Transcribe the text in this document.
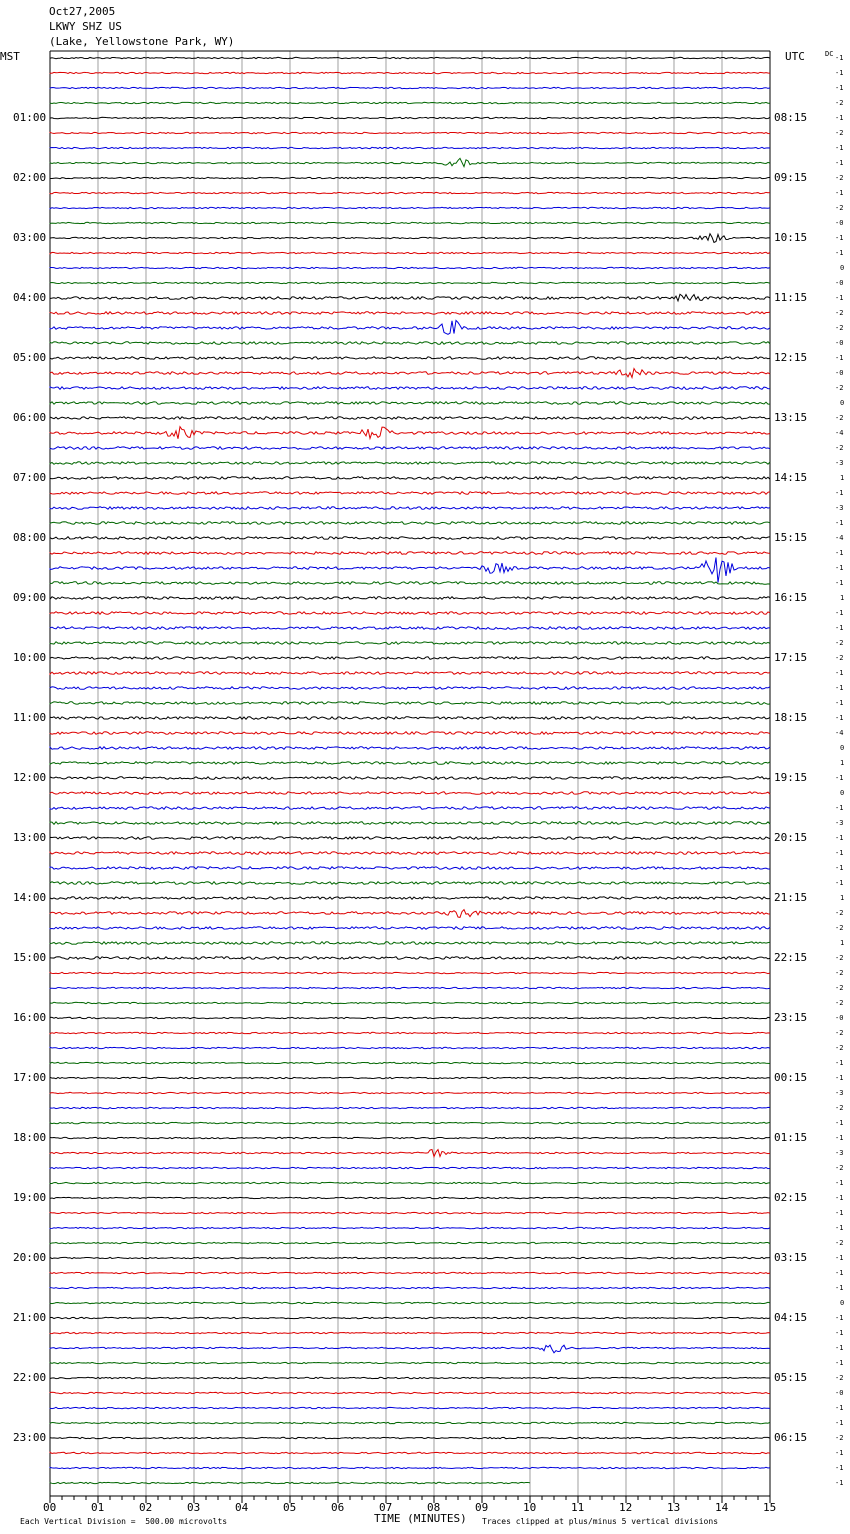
Oct27,2005
LKWY SHZ US
(Lake, Yellowstone Park, WY)
MST	UTC	DC
01:00
02:00
03:00
04:00
05:00
06:00
07:00
08:00
09:00
10:00
11:00
12:00
13:00
14:00
15:00
16:00
17:00
18:00
19:00
20:00
21:00
22:00
23:00
08:15
09:15
10:15
11:15
12:15
13:15
14:15
15:15
16:15
17:15
18:15
19:15
20:15
21:15
22:15
23:15
00:15
01:15
02:15
03:15
04:15
05:15
06:15
-1
-1
-1
-2
-1
-2
-1
-1
-2
-1
-2
-0
-1
-1
0
-0
-1
-2
-2
-0
-1
-0
-2
0
-2
-4
-2
-3
1
-1
-3
-1
-4
-1
-1
-1
1
-1
-1
-2
-2
-1
-1
-1
-1
-4
0
1
-1
0
-1
-3
-1
-1
-1
-1
1
-2
-2
1
-2
-2
-2
-2
-0
-2
-2
-1
-1
-3
-2
-1
-1
-3
-2
-1
-1
-1
-1
-2
-1
-1
-1
0
-1
-1
-1
-1
-2
-0
-1
-1
-2
-1
-1
-1
00	01	02	03	04	05	06	07	08	09	10	11	12	13	14	15
TIME (MINUTES)
Each Vertical Division =  500.00 microvolts	Traces clipped at plus/minus 5 vertical divisions
